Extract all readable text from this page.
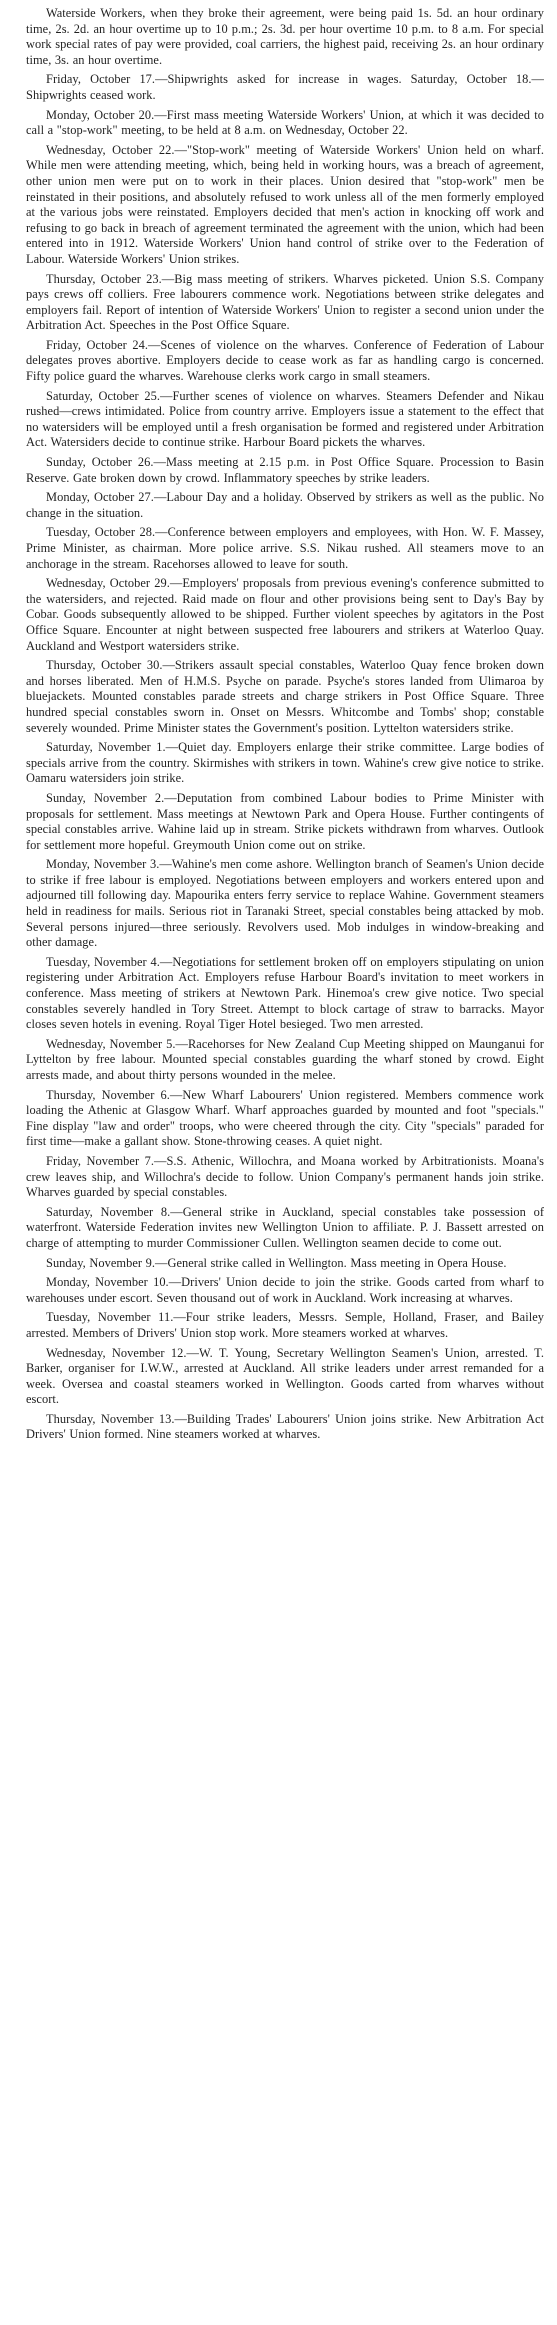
Waterside Workers, when they broke their agreement, were being paid 1s. 5d. an hour ordinary time, 2s. 2d. an hour overtime up to 10 p.m.; 2s. 3d. per hour overtime 10 p.m. to 8 a.m. For special work special rates of pay were provided, coal carriers, the highest paid, receiving 2s. an hour ordinary time, 3s. an hour overtime.

Friday, October 17.—Shipwrights asked for increase in wages. Saturday, October 18.—Shipwrights ceased work.

Monday, October 20.—First mass meeting Waterside Workers' Union, at which it was decided to call a "stop-work" meeting, to be held at 8 a.m. on Wednesday, October 22.

Wednesday, October 22.—"Stop-work" meeting of Waterside Workers' Union held on wharf. While men were attending meeting, which, being held in working hours, was a breach of agreement, other union men were put on to work in their places. Union desired that "stop-work" men be reinstated in their positions, and absolutely refused to work unless all of the men formerly employed at the various jobs were reinstated. Employers decided that men's action in knocking off work and refusing to go back in breach of agreement terminated the agreement with the union, which had been entered into in 1912. Waterside Workers' Union hand control of strike over to the Federation of Labour. Waterside Workers' Union strikes.

Thursday, October 23.—Big mass meeting of strikers. Wharves picketed. Union S.S. Company pays crews off colliers. Free labourers commence work. Negotiations between strike delegates and employers fail. Report of intention of Waterside Workers' Union to register a second union under the Arbitration Act. Speeches in the Post Office Square.

Friday, October 24.—Scenes of violence on the wharves. Conference of Federation of Labour delegates proves abortive. Employers decide to cease work as far as handling cargo is concerned. Fifty police guard the wharves. Warehouse clerks work cargo in small steamers.

Saturday, October 25.—Further scenes of violence on wharves. Steamers Defender and Nikau rushed—crews intimidated. Police from country arrive. Employers issue a statement to the effect that no watersiders will be employed until a fresh organisation be formed and registered under Arbitration Act. Watersiders decide to continue strike. Harbour Board pickets the wharves.

Sunday, October 26.—Mass meeting at 2.15 p.m. in Post Office Square. Procession to Basin Reserve. Gate broken down by crowd. Inflammatory speeches by strike leaders.

Monday, October 27.—Labour Day and a holiday. Observed by strikers as well as the public. No change in the situation.

Tuesday, October 28.—Conference between employers and employees, with Hon. W. F. Massey, Prime Minister, as chairman. More police arrive. S.S. Nikau rushed. All steamers move to an anchorage in the stream. Racehorses allowed to leave for south.

Wednesday, October 29.—Employers' proposals from previous evening's conference submitted to the watersiders, and rejected. Raid made on flour and other provisions being sent to Day's Bay by Cobar. Goods subsequently allowed to be shipped. Further violent speeches by agitators in the Post Office Square. Encounter at night between suspected free labourers and strikers at Waterloo Quay. Auckland and Westport watersiders strike.

Thursday, October 30.—Strikers assault special constables, Waterloo Quay fence broken down and horses liberated. Men of H.M.S. Psyche on parade. Psyche's stores landed from Ulimaroa by bluejackets. Mounted constables parade streets and charge strikers in Post Office Square. Three hundred special constables sworn in. Onset on Messrs. Whitcombe and Tombs' shop; constable severely wounded. Prime Minister states the Government's position. Lyttelton watersiders strike.

Saturday, November 1.—Quiet day. Employers enlarge their strike committee. Large bodies of specials arrive from the country. Skirmishes with strikers in town. Wahine's crew give notice to strike. Oamaru watersiders join strike.

Sunday, November 2.—Deputation from combined Labour bodies to Prime Minister with proposals for settlement. Mass meetings at Newtown Park and Opera House. Further contingents of special constables arrive. Wahine laid up in stream. Strike pickets withdrawn from wharves. Outlook for settlement more hopeful. Greymouth Union come out on strike.

Monday, November 3.—Wahine's men come ashore. Wellington branch of Seamen's Union decide to strike if free labour is employed. Negotiations between employers and workers entered upon and adjourned till following day. Mapourika enters ferry service to replace Wahine. Government steamers held in readiness for mails. Serious riot in Taranaki Street, special constables being attacked by mob. Several persons injured—three seriously. Revolvers used. Mob indulges in window-breaking and other damage.

Tuesday, November 4.—Negotiations for settlement broken off on employers stipulating on union registering under Arbitration Act. Employers refuse Harbour Board's invitation to meet workers in conference. Mass meeting of strikers at Newtown Park. Hinemoa's crew give notice. Two special constables severely handled in Tory Street. Attempt to block cartage of straw to barracks. Mayor closes seven hotels in evening. Royal Tiger Hotel besieged. Two men arrested.

Wednesday, November 5.—Racehorses for New Zealand Cup Meeting shipped on Maunganui for Lyttelton by free labour. Mounted special constables guarding the wharf stoned by crowd. Eight arrests made, and about thirty persons wounded in the melee.

Thursday, November 6.—New Wharf Labourers' Union registered. Members commence work loading the Athenic at Glasgow Wharf. Wharf approaches guarded by mounted and foot "specials." Fine display "law and order" troops, who were cheered through the city. City "specials" paraded for first time—make a gallant show. Stone-throwing ceases. A quiet night.

Friday, November 7.—S.S. Athenic, Willochra, and Moana worked by Arbitrationists. Moana's crew leaves ship, and Willochra's decide to follow. Union Company's permanent hands join strike. Wharves guarded by special constables.

Saturday, November 8.—General strike in Auckland, special constables take possession of waterfront. Waterside Federation invites new Wellington Union to affiliate. P. J. Bassett arrested on charge of attempting to murder Commissioner Cullen. Wellington seamen decide to come out.

Sunday, November 9.—General strike called in Wellington. Mass meeting in Opera House.

Monday, November 10.—Drivers' Union decide to join the strike. Goods carted from wharf to warehouses under escort. Seven thousand out of work in Auckland. Work increasing at wharves.

Tuesday, November 11.—Four strike leaders, Messrs. Semple, Holland, Fraser, and Bailey arrested. Members of Drivers' Union stop work. More steamers worked at wharves.

Wednesday, November 12.—W. T. Young, Secretary Wellington Seamen's Union, arrested. T. Barker, organiser for I.W.W., arrested at Auckland. All strike leaders under arrest remanded for a week. Oversea and coastal steamers worked in Wellington. Goods carted from wharves without escort.

Thursday, November 13.—Building Trades' Labourers' Union joins strike. New Arbitration Act Drivers' Union formed. Nine steamers worked at wharves.
